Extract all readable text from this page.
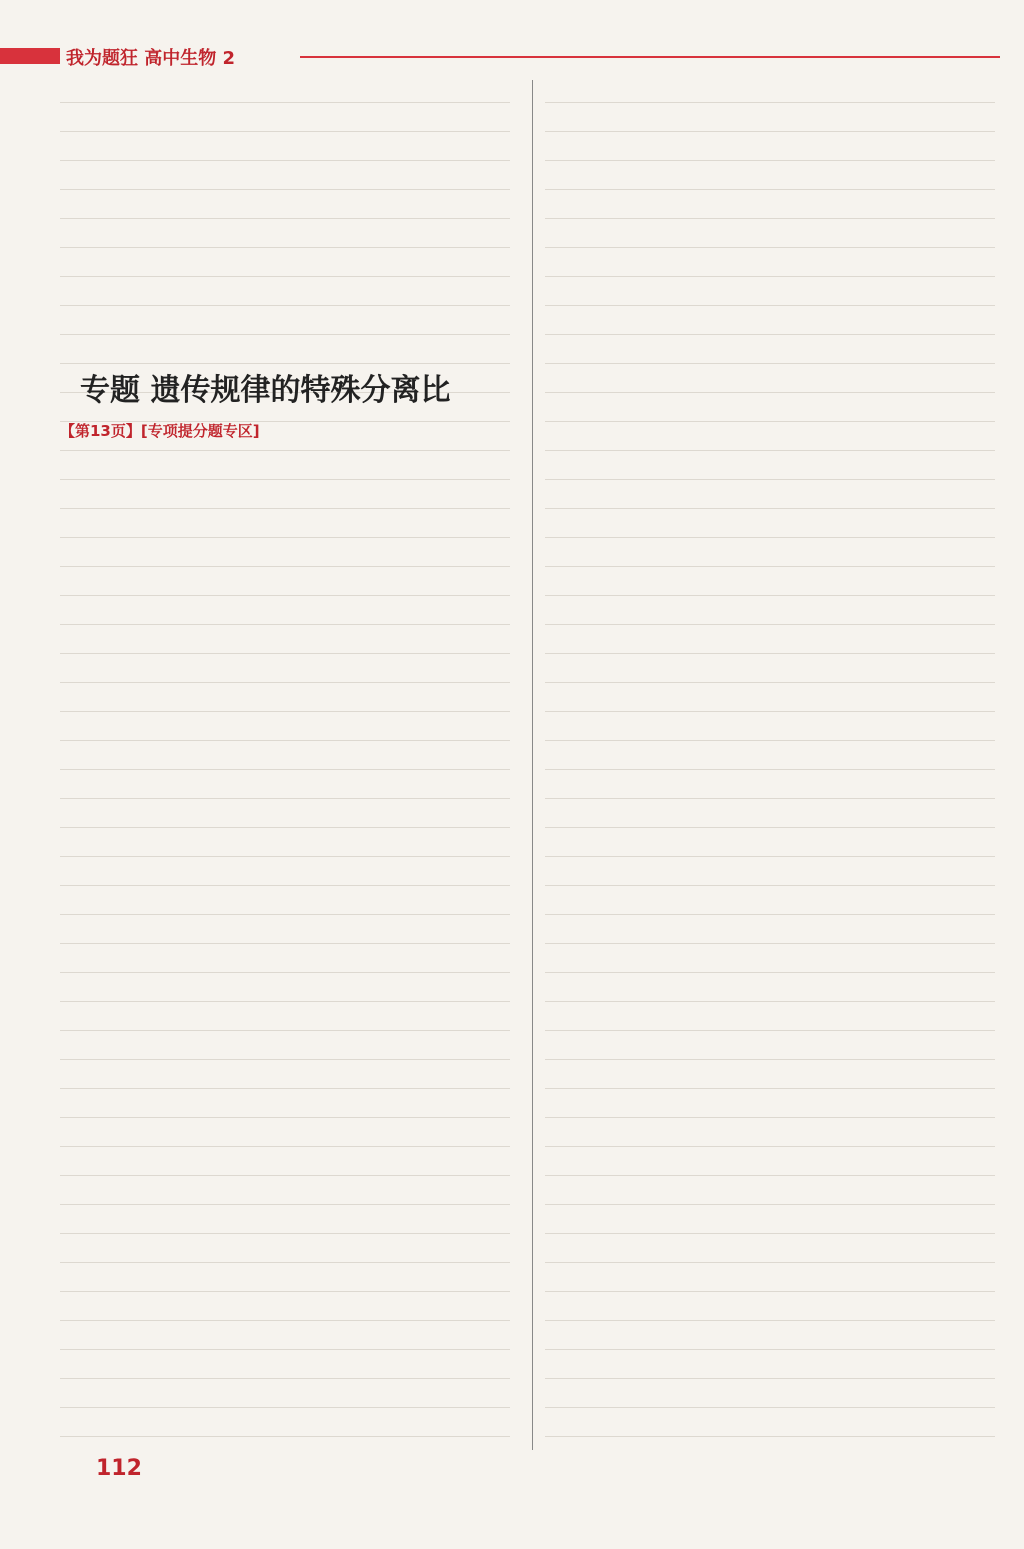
我为题狂 高中生物 2
专题 遗传规律的特殊分离比
【第13页】[专项提分题专区]
112
